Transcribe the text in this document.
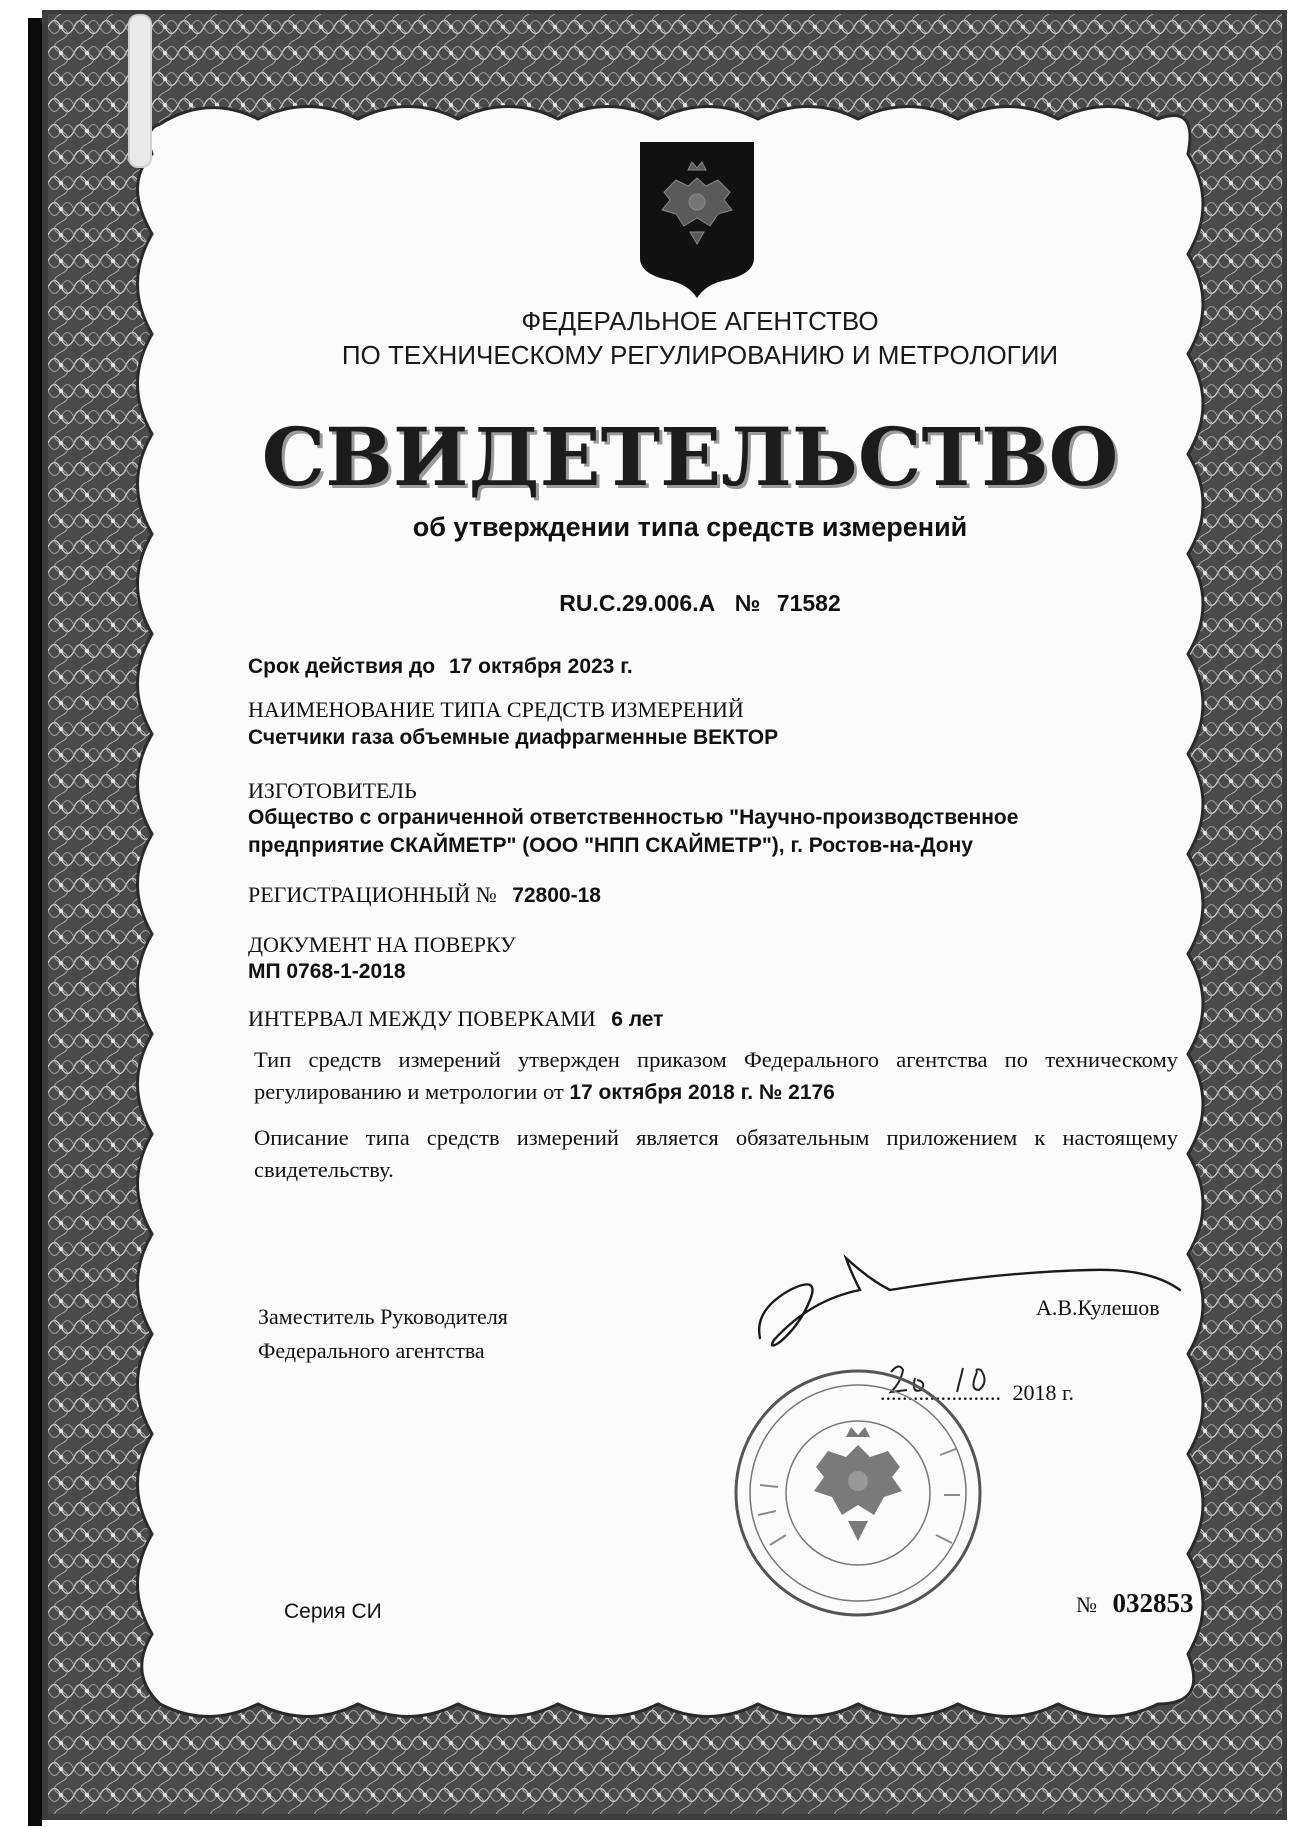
ФЕДЕРАЛЬНОЕ АГЕНТСТВО
ПО ТЕХНИЧЕСКОМУ РЕГУЛИРОВАНИЮ И МЕТРОЛОГИИ
СВИДЕТЕЛЬСТВО
об утверждении типа средств измерений
RU.C.29.006.A № 71582
Срок действия до 17 октября 2023 г.
НАИМЕНОВАНИЕ ТИПА СРЕДСТВ ИЗМЕРЕНИЙ
Счетчики газа объемные диафрагменные ВЕКТОР
ИЗГОТОВИТЕЛЬ
Общество с ограниченной ответственностью "Научно-производственное
предприятие СКАЙМЕТР" (ООО "НПП СКАЙМЕТР"), г. Ростов-на-Дону
РЕГИСТРАЦИОННЫЙ № 72800-18
ДОКУМЕНТ НА ПОВЕРКУ
МП 0768-1-2018
ИНТЕРВАЛ МЕЖДУ ПОВЕРКАМИ 6 лет
Тип средств измерений утвержден приказом Федерального агентства по техническому регулированию и метрологии от 17 октября 2018 г. № 2176
Описание типа средств измерений является обязательным приложением к настоящему свидетельству.
Заместитель Руководителя
Федерального агентства
А.В.Кулешов
...................... 2018 г.
Серия СИ	№ 032853
